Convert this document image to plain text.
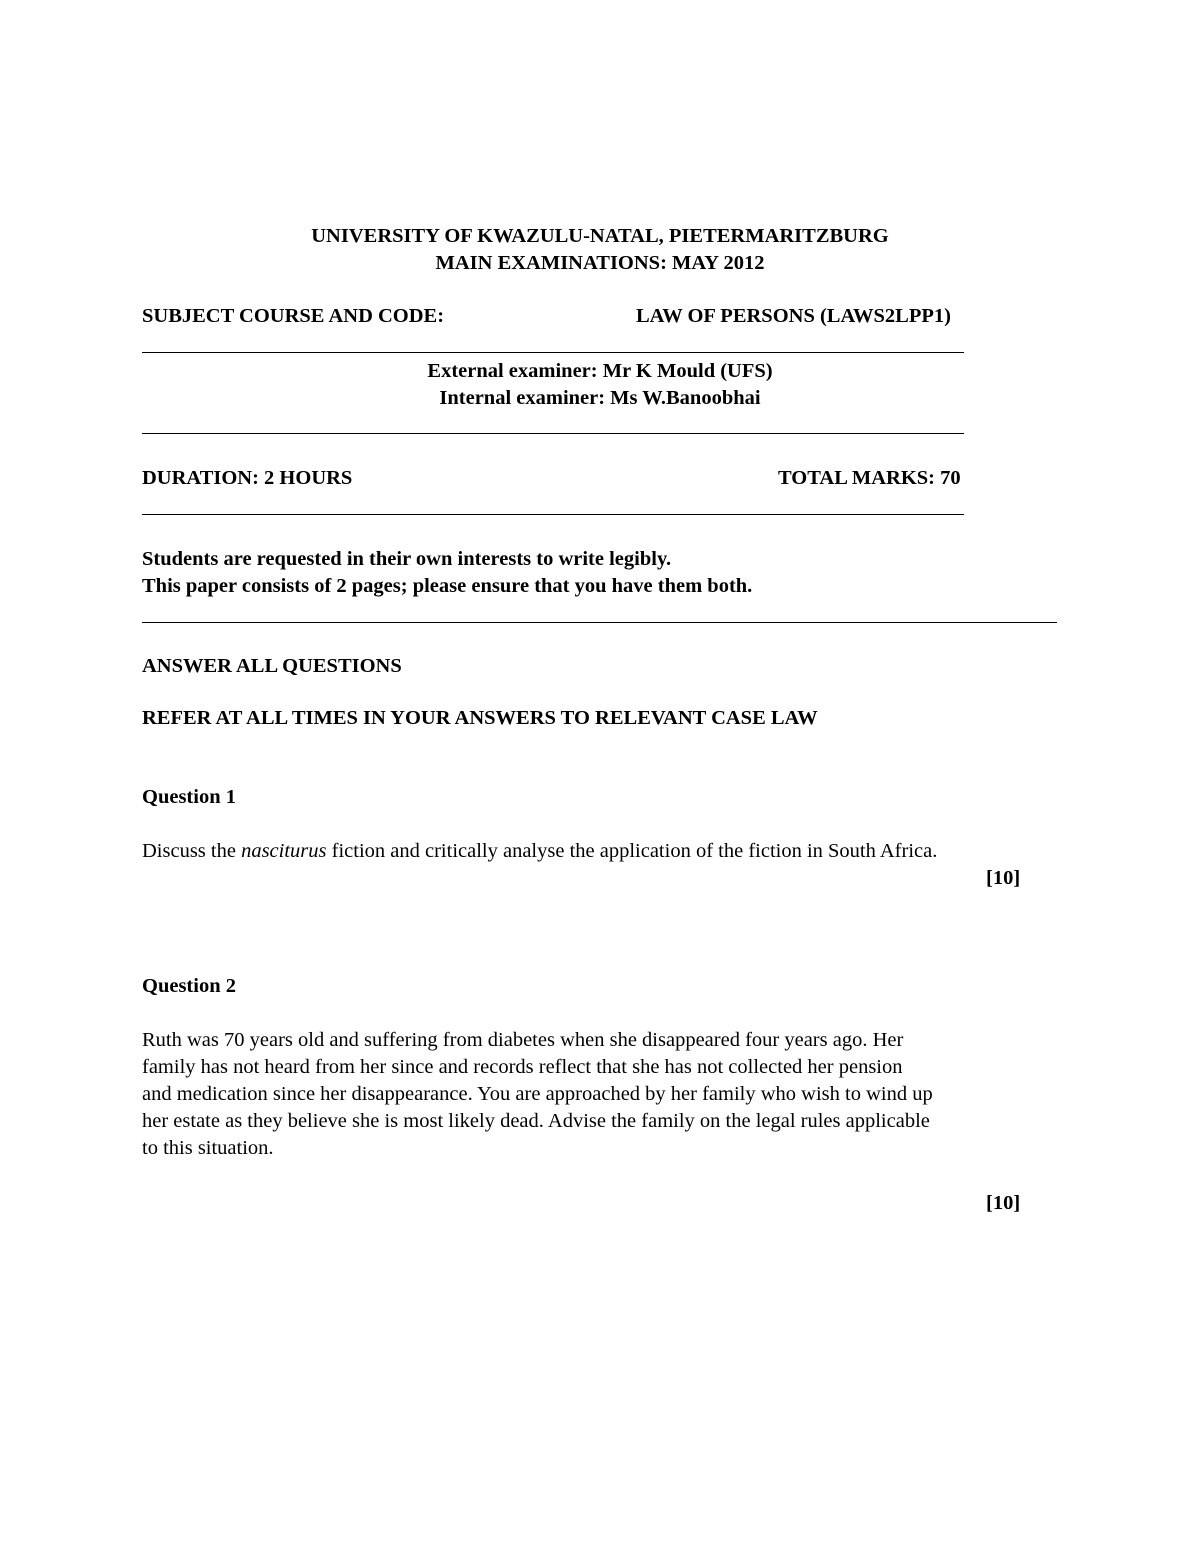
UNIVERSITY OF KWAZULU-NATAL, PIETERMARITZBURG
MAIN EXAMINATIONS: MAY 2012
SUBJECT COURSE AND CODE:	LAW OF PERSONS (LAWS2LPP1)
External examiner: Mr K Mould (UFS)
Internal examiner: Ms W.Banoobhai
DURATION: 2 HOURS	TOTAL MARKS: 70
Students are requested in their own interests to write legibly.
This paper consists of 2 pages; please ensure that you have them both.
ANSWER ALL QUESTIONS
REFER AT ALL TIMES IN YOUR ANSWERS TO RELEVANT CASE LAW
Question 1
Discuss the nasciturus fiction and critically analyse the application of the fiction in South Africa.
[10]
Question 2
Ruth was 70 years old and suffering from diabetes when she disappeared four years ago. Her
family has not heard from her since and records reflect that she has not collected her pension
and medication since her disappearance. You are approached by her family who wish to wind up
her estate as they believe she is most likely dead. Advise the family on the legal rules applicable
to this situation.
[10]
